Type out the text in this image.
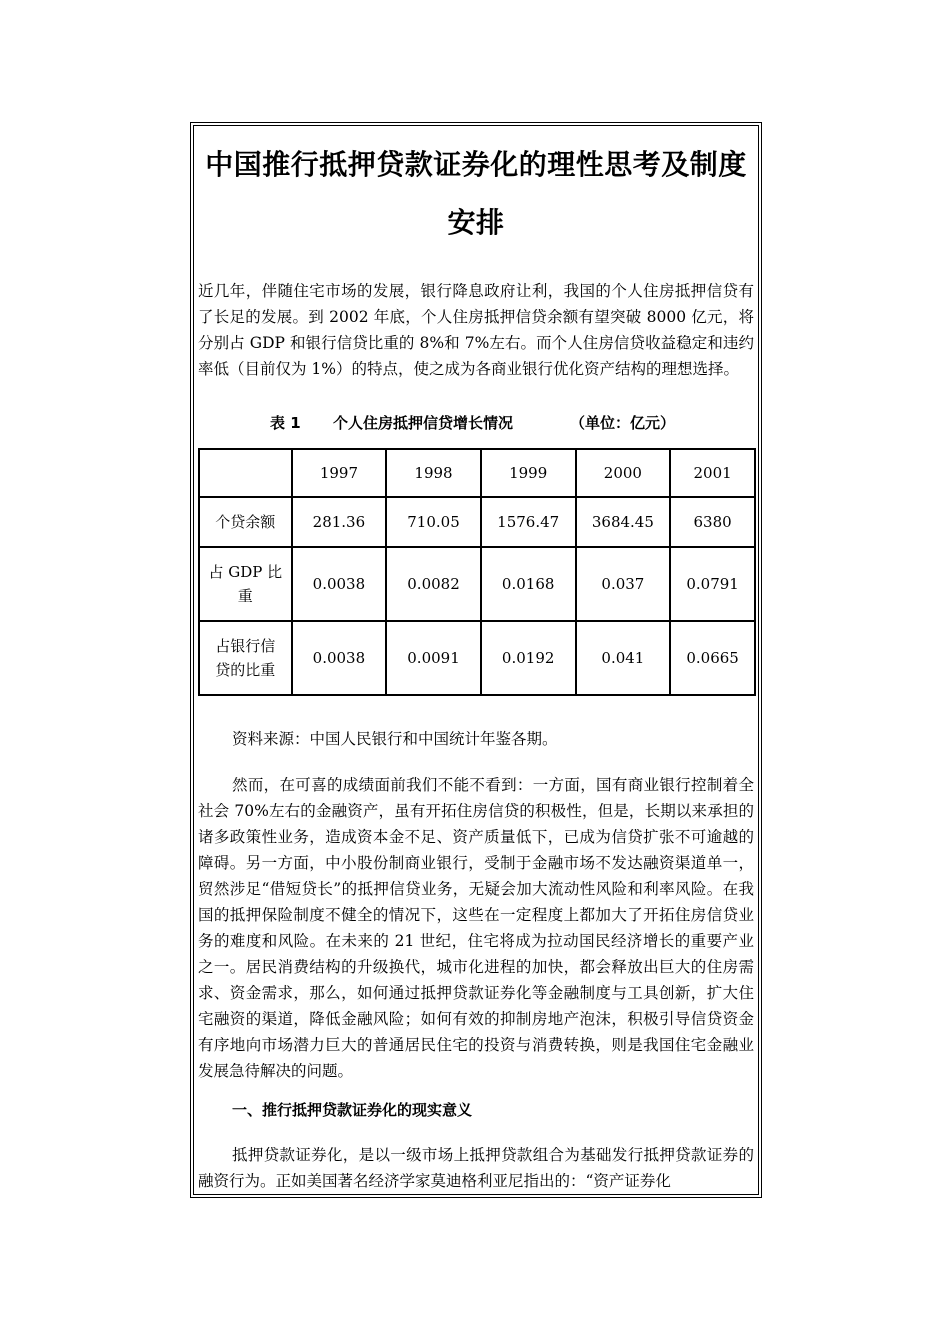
中国推行抵押贷款证券化的理性思考及制度安排

近几年，伴随住宅市场的发展，银行降息政府让利，我国的个人住房抵押信贷有了长足的发展。到 2002 年底，个人住房抵押信贷余额有望突破 8000 亿元，将分别占 GDP 和银行信贷比重的 8%和 7%左右。而个人住房信贷收益稳定和违约率低（目前仅为 1%）的特点，使之成为各商业银行优化资产结构的理想选择。

表 1 个人住房抵押信贷增长情况	（单位：亿元）
	1997	1998	1999	2000	2001
个贷余额	281.36	710.05	1576.47	3684.45	6380
占 GDP 比重	0.0038	0.0082	0.0168	0.037	0.0791
占银行信贷的比重	0.0038	0.0091	0.0192	0.041	0.0665

资料来源：中国人民银行和中国统计年鉴各期。

然而，在可喜的成绩面前我们不能不看到：一方面，国有商业银行控制着全社会 70%左右的金融资产，虽有开拓住房信贷的积极性，但是，长期以来承担的诸多政策性业务，造成资本金不足、资产质量低下，已成为信贷扩张不可逾越的障碍。另一方面，中小股份制商业银行，受制于金融市场不发达融资渠道单一，贸然涉足“借短贷长”的抵押信贷业务，无疑会加大流动性风险和利率风险。在我国的抵押保险制度不健全的情况下，这些在一定程度上都加大了开拓住房信贷业务的难度和风险。在未来的 21 世纪，住宅将成为拉动国民经济增长的重要产业之一。居民消费结构的升级换代，城市化进程的加快，都会释放出巨大的住房需求、资金需求，那么，如何通过抵押贷款证券化等金融制度与工具创新，扩大住宅融资的渠道，降低金融风险；如何有效的抑制房地产泡沫，积极引导信贷资金有序地向市场潜力巨大的普通居民住宅的投资与消费转换，则是我国住宅金融业发展急待解决的问题。

一、推行抵押贷款证券化的现实意义

抵押贷款证券化，是以一级市场上抵押贷款组合为基础发行抵押贷款证券的融资行为。正如美国著名经济学家莫迪格利亚尼指出的：“资产证券化
